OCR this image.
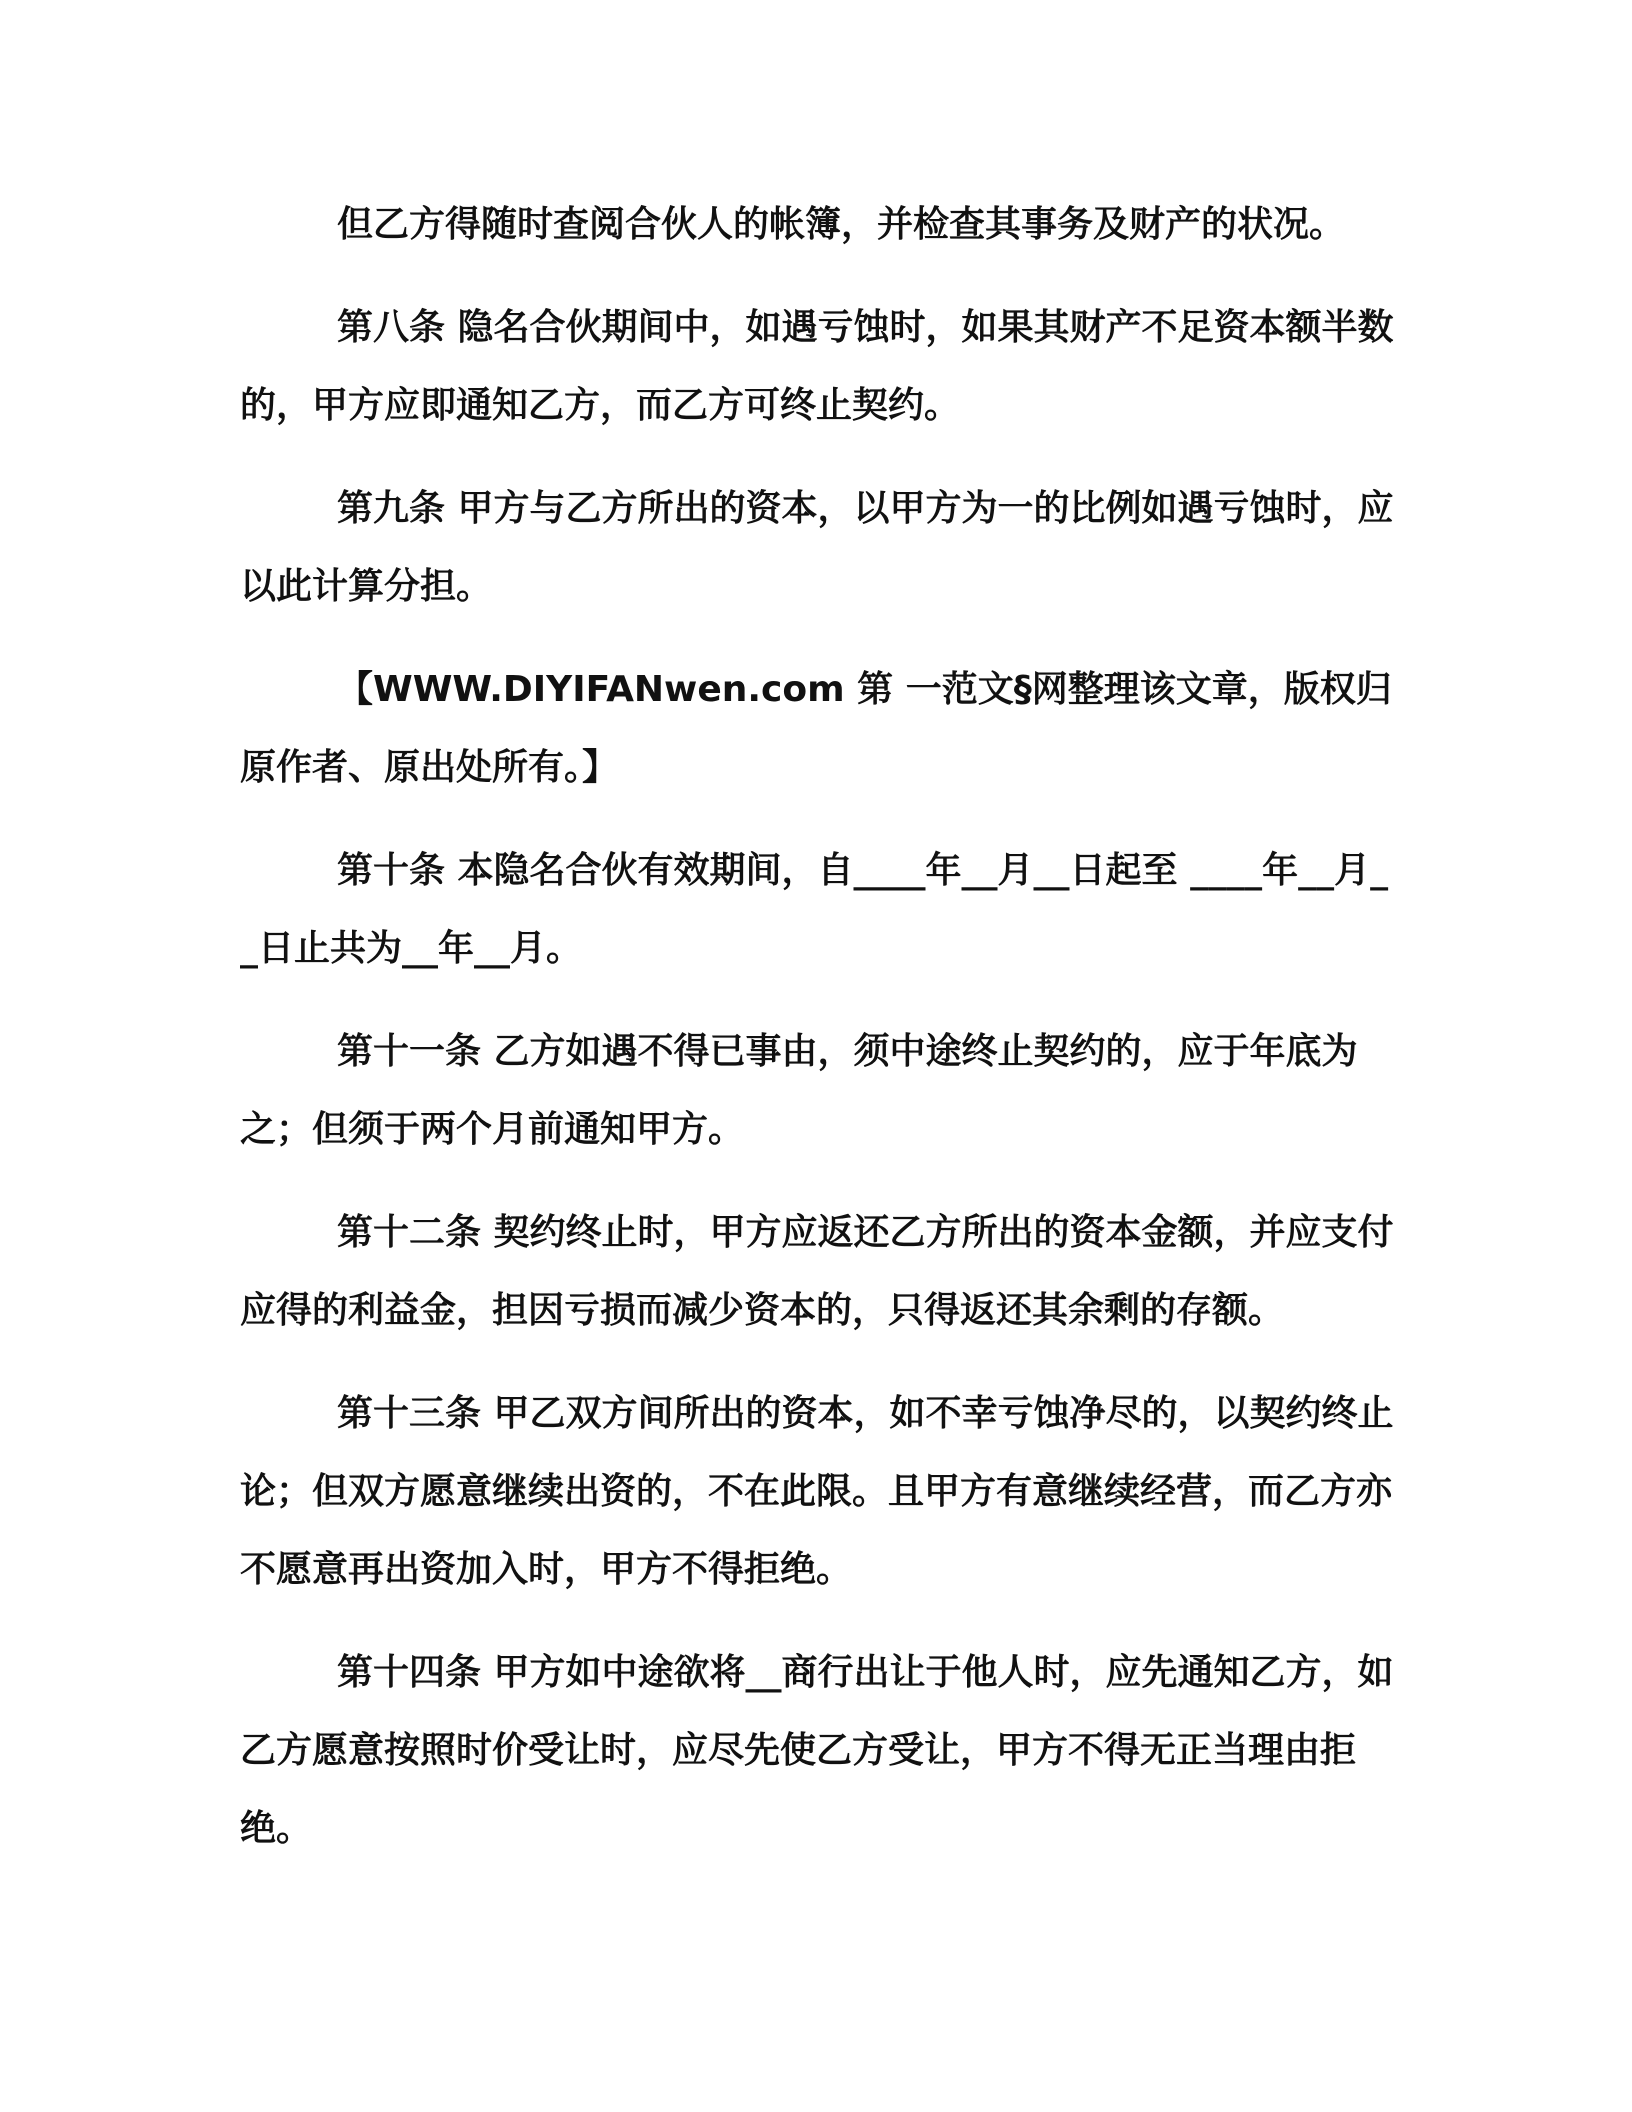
但乙方得随时查阅合伙人的帐簿，并检查其事务及财产的状况。

第八条 隐名合伙期间中，如遇亏蚀时，如果其财产不足资本额半数的，甲方应即通知乙方，而乙方可终止契约。

第九条 甲方与乙方所出的资本，以甲方为一的比例如遇亏蚀时，应以此计算分担。

【WWW.DIYIFANwen.com 第 一范文§网整理该文章，版权归原作者、原出处所有。】

第十条 本隐名合伙有效期间，自____年__月__日起至 ____年__月__日止共为__年__月。

第十一条 乙方如遇不得已事由，须中途终止契约的，应于年底为之；但须于两个月前通知甲方。

第十二条 契约终止时，甲方应返还乙方所出的资本金额，并应支付应得的利益金，担因亏损而减少资本的，只得返还其余剩的存额。

第十三条 甲乙双方间所出的资本，如不幸亏蚀净尽的，以契约终止论；但双方愿意继续出资的，不在此限。且甲方有意继续经营，而乙方亦不愿意再出资加入时，甲方不得拒绝。

第十四条 甲方如中途欲将__商行出让于他人时，应先通知乙方，如乙方愿意按照时价受让时，应尽先使乙方受让，甲方不得无正当理由拒绝。
